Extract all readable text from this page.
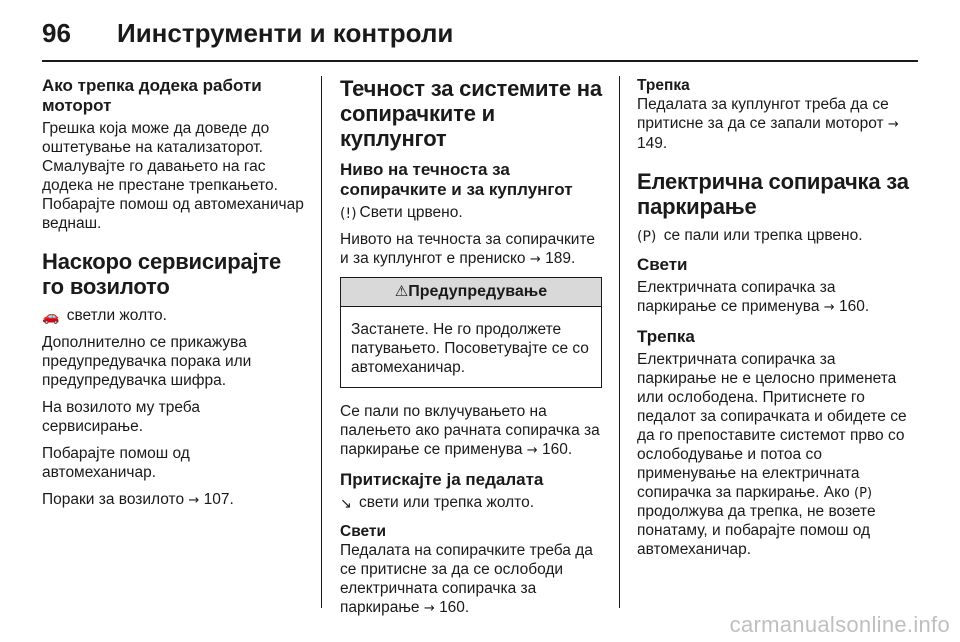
96 Иинструменти и контроли
Ако трепка додека работи моторот

Грешка која може да доведе до оштетување на катализаторот. Смалувајте го давањето на гас додека не престане трепкањето. Побарајте помош од автомеханичар веднаш.

Наскоро сервисирајте го возилото

🚗 светли жолто.

Дополнително се прикажува предупредувачка порака или предупредувачка шифра.

На возилото му треба сервисирање.

Побарајте помош од автомеханичар.

Пораки за возилото → 107.

Течност за системите на сопирачките и куплунгот
Ниво на течноста за сопирачките и за куплунгот

(!) Свети црвено.

Нивото на течноста за сопирачките и за куплунгот е прениско → 189.

⚠Предупредување

Застанете. Не го продолжете патувањето. Посоветувајте се со автомеханичар.

Се пали по вклучувањето на палењето ако рачната сопирачка за паркирање се применува → 160.

Притискајте ја педалата

↘ свети или трепка жолто.

Свети

Педалата на сопирачките треба да се притисне за да се ослободи електричната сопирачка за паркирање → 160.

Трепка

Педалата за куплунгот треба да се притисне за да се запали моторот → 149.

Електрична сопирачка за паркирање

(P) се пали или трепка црвено.

Свети

Електричната сопирачка за паркирање се применува → 160.

Трепка

Електричната сопирачка за паркирање не е целосно применета или ослободена. Притиснете го педалот за сопирачката и обидете се да го препоставите системот прво со ослободување и потоа со применување на електричната сопирачка за паркирање. Ако (P) продолжува да трепка, не возете понатаму, и побарајте помош од автомеханичар.

carmanualsonline.info
